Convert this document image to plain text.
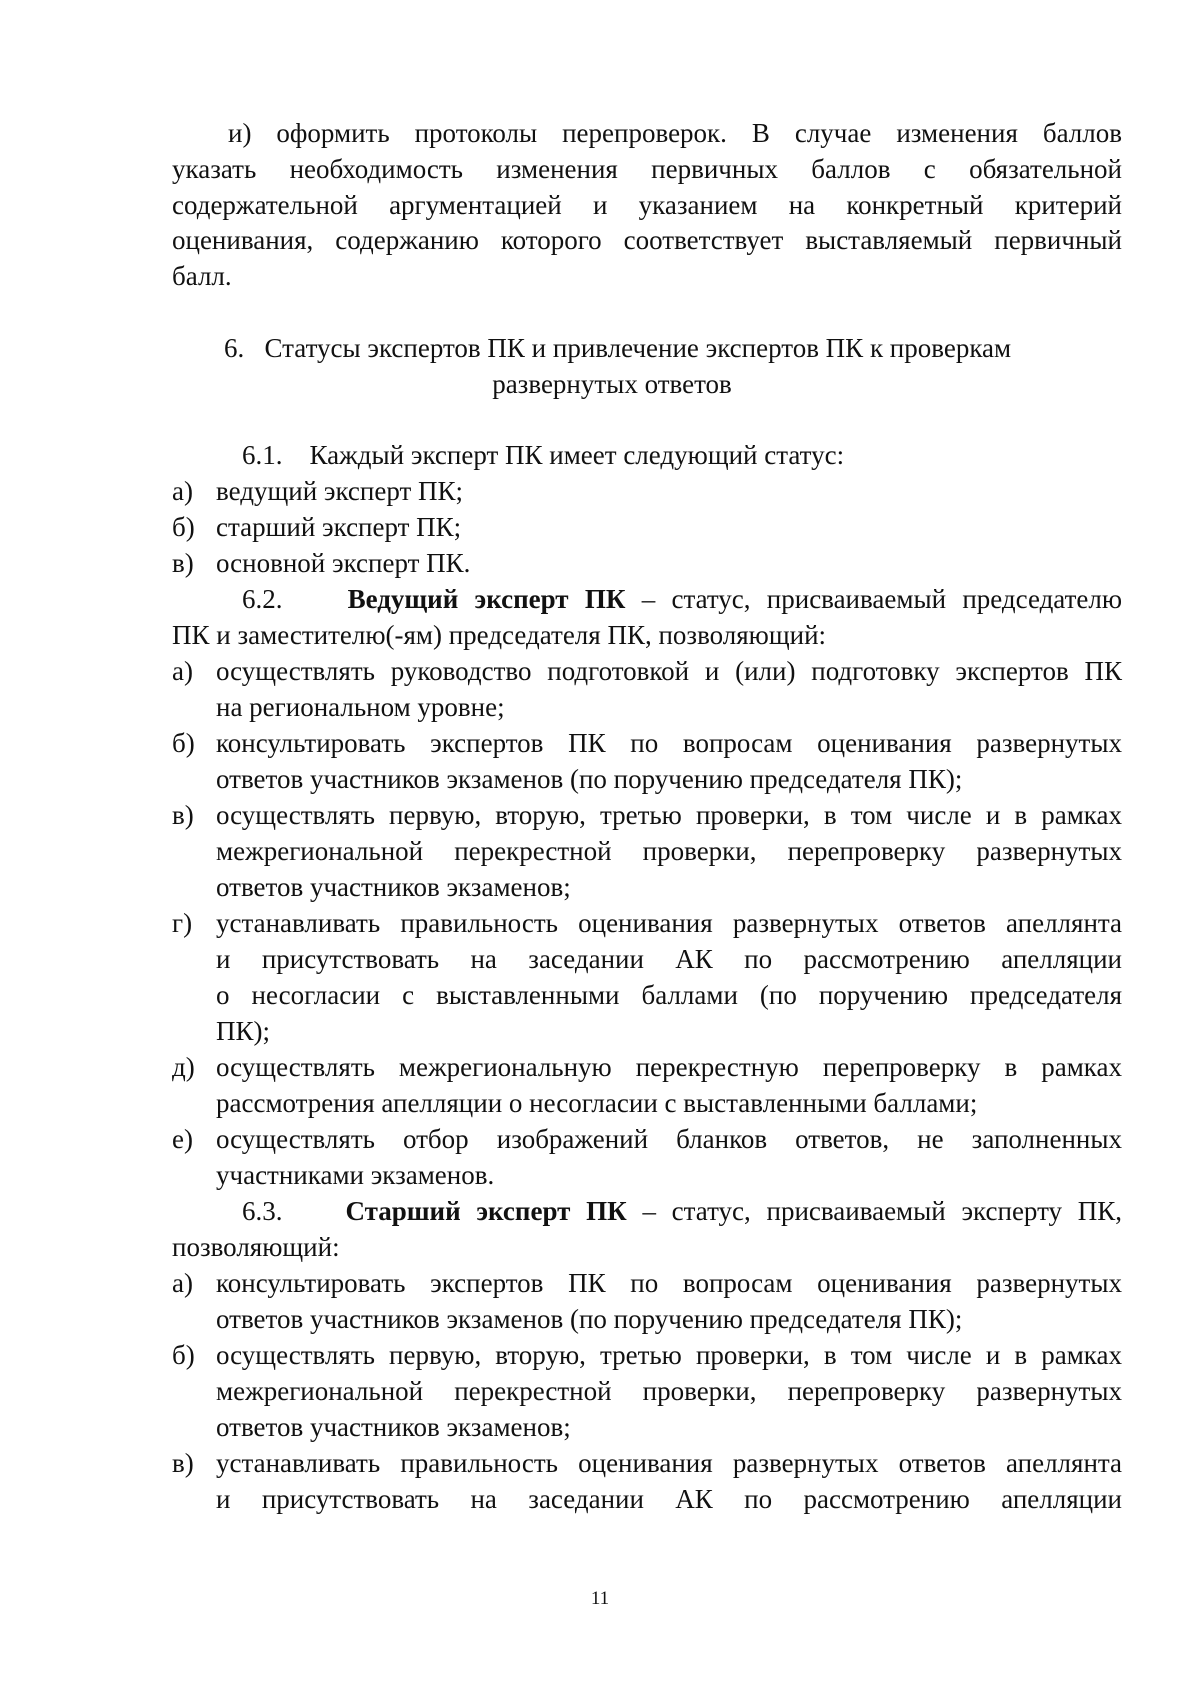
и) оформить протоколы перепроверок. В случае изменения баллов
указать необходимость изменения первичных баллов с обязательной
содержательной аргументацией и указанием на конкретный критерий
оценивания, содержанию которого соответствует выставляемый первичный
балл.
6.   Статусы экспертов ПК и привлечение экспертов ПК к проверкам
развернутых ответов
6.1.    Каждый эксперт ПК имеет следующий статус:
а) ведущий эксперт ПК;
б) старший эксперт ПК;
в) основной эксперт ПК.
6.2. Ведущий эксперт ПК – статус, присваиваемый председателю
ПК и заместителю(-ям) председателя ПК, позволяющий:
а) осуществлять руководство подготовкой и (или) подготовку экспертов ПК
на региональном уровне;
б) консультировать экспертов ПК по вопросам оценивания развернутых
ответов участников экзаменов (по поручению председателя ПК);
в) осуществлять первую, вторую, третью проверки, в том числе и в рамках
межрегиональной перекрестной проверки, перепроверку развернутых
ответов участников экзаменов;
г) устанавливать правильность оценивания развернутых ответов апеллянта
и присутствовать на заседании АК по рассмотрению апелляции
о несогласии с выставленными баллами (по поручению председателя
ПК);
д) осуществлять межрегиональную перекрестную перепроверку в рамках
рассмотрения апелляции о несогласии с выставленными баллами;
е) осуществлять отбор изображений бланков ответов, не заполненных
участниками экзаменов.
6.3. Старший эксперт ПК – статус, присваиваемый эксперту ПК,
позволяющий:
а) консультировать экспертов ПК по вопросам оценивания развернутых
ответов участников экзаменов (по поручению председателя ПК);
б) осуществлять первую, вторую, третью проверки, в том числе и в рамках
межрегиональной перекрестной проверки, перепроверку развернутых
ответов участников экзаменов;
в) устанавливать правильность оценивания развернутых ответов апеллянта
и присутствовать на заседании АК по рассмотрению апелляции
11
